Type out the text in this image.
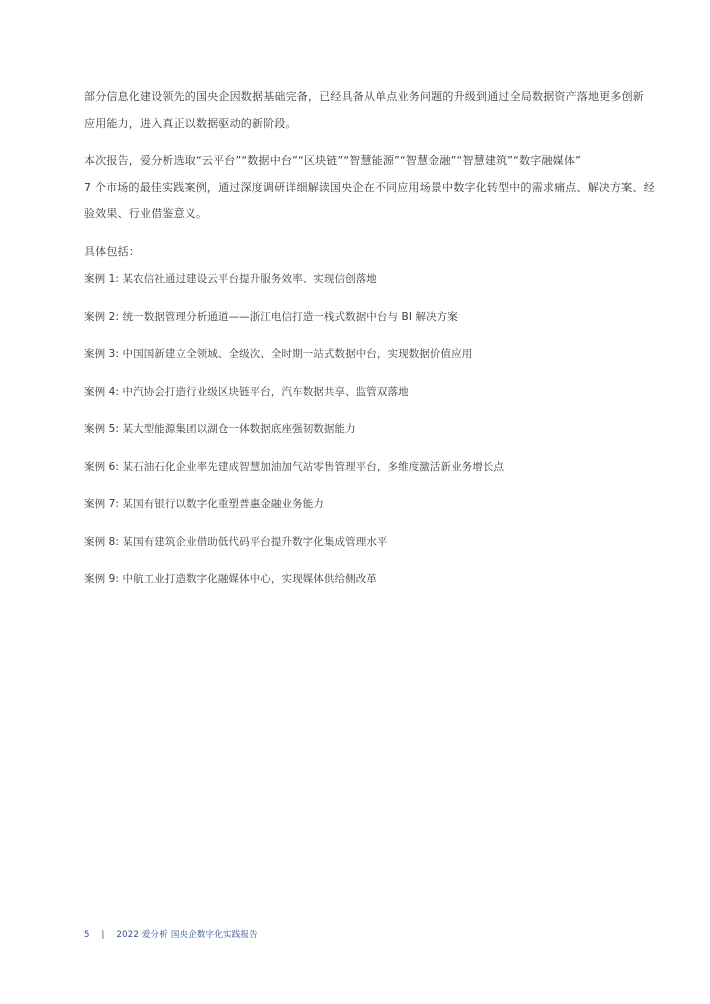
部分信息化建设领先的国央企因数据基础完备，已经具备从单点业务问题的升级到通过全局数据资产落地更多创新
应用能力，进入真正以数据驱动的新阶段。

本次报告，爱分析选取“云平台”“数据中台”“区块链”“智慧能源”“智慧金融”“智慧建筑”“数字融媒体”
7 个市场的最佳实践案例，通过深度调研详细解读国央企在不同应用场景中数字化转型中的需求痛点、解决方案、经
验效果、行业借鉴意义。

具体包括：

案例 1: 某农信社通过建设云平台提升服务效率、实现信创落地
案例 2: 统一数据管理分析通道——浙江电信打造一栈式数据中台与 BI 解决方案
案例 3: 中国国新建立全领域、全级次、全时期一站式数据中台，实现数据价值应用
案例 4: 中汽协会打造行业级区块链平台，汽车数据共享、监管双落地
案例 5: 某大型能源集团以湖仓一体数据底座强韧数据能力
案例 6: 某石油石化企业率先建成智慧加油加气站零售管理平台，多维度激活新业务增长点
案例 7: 某国有银行以数字化重塑普惠金融业务能力
案例 8: 某国有建筑企业借助低代码平台提升数字化集成管理水平
案例 9: 中航工业打造数字化融媒体中心，实现媒体供给侧改革
5 | 2022 爱分析 国央企数字化实践报告
